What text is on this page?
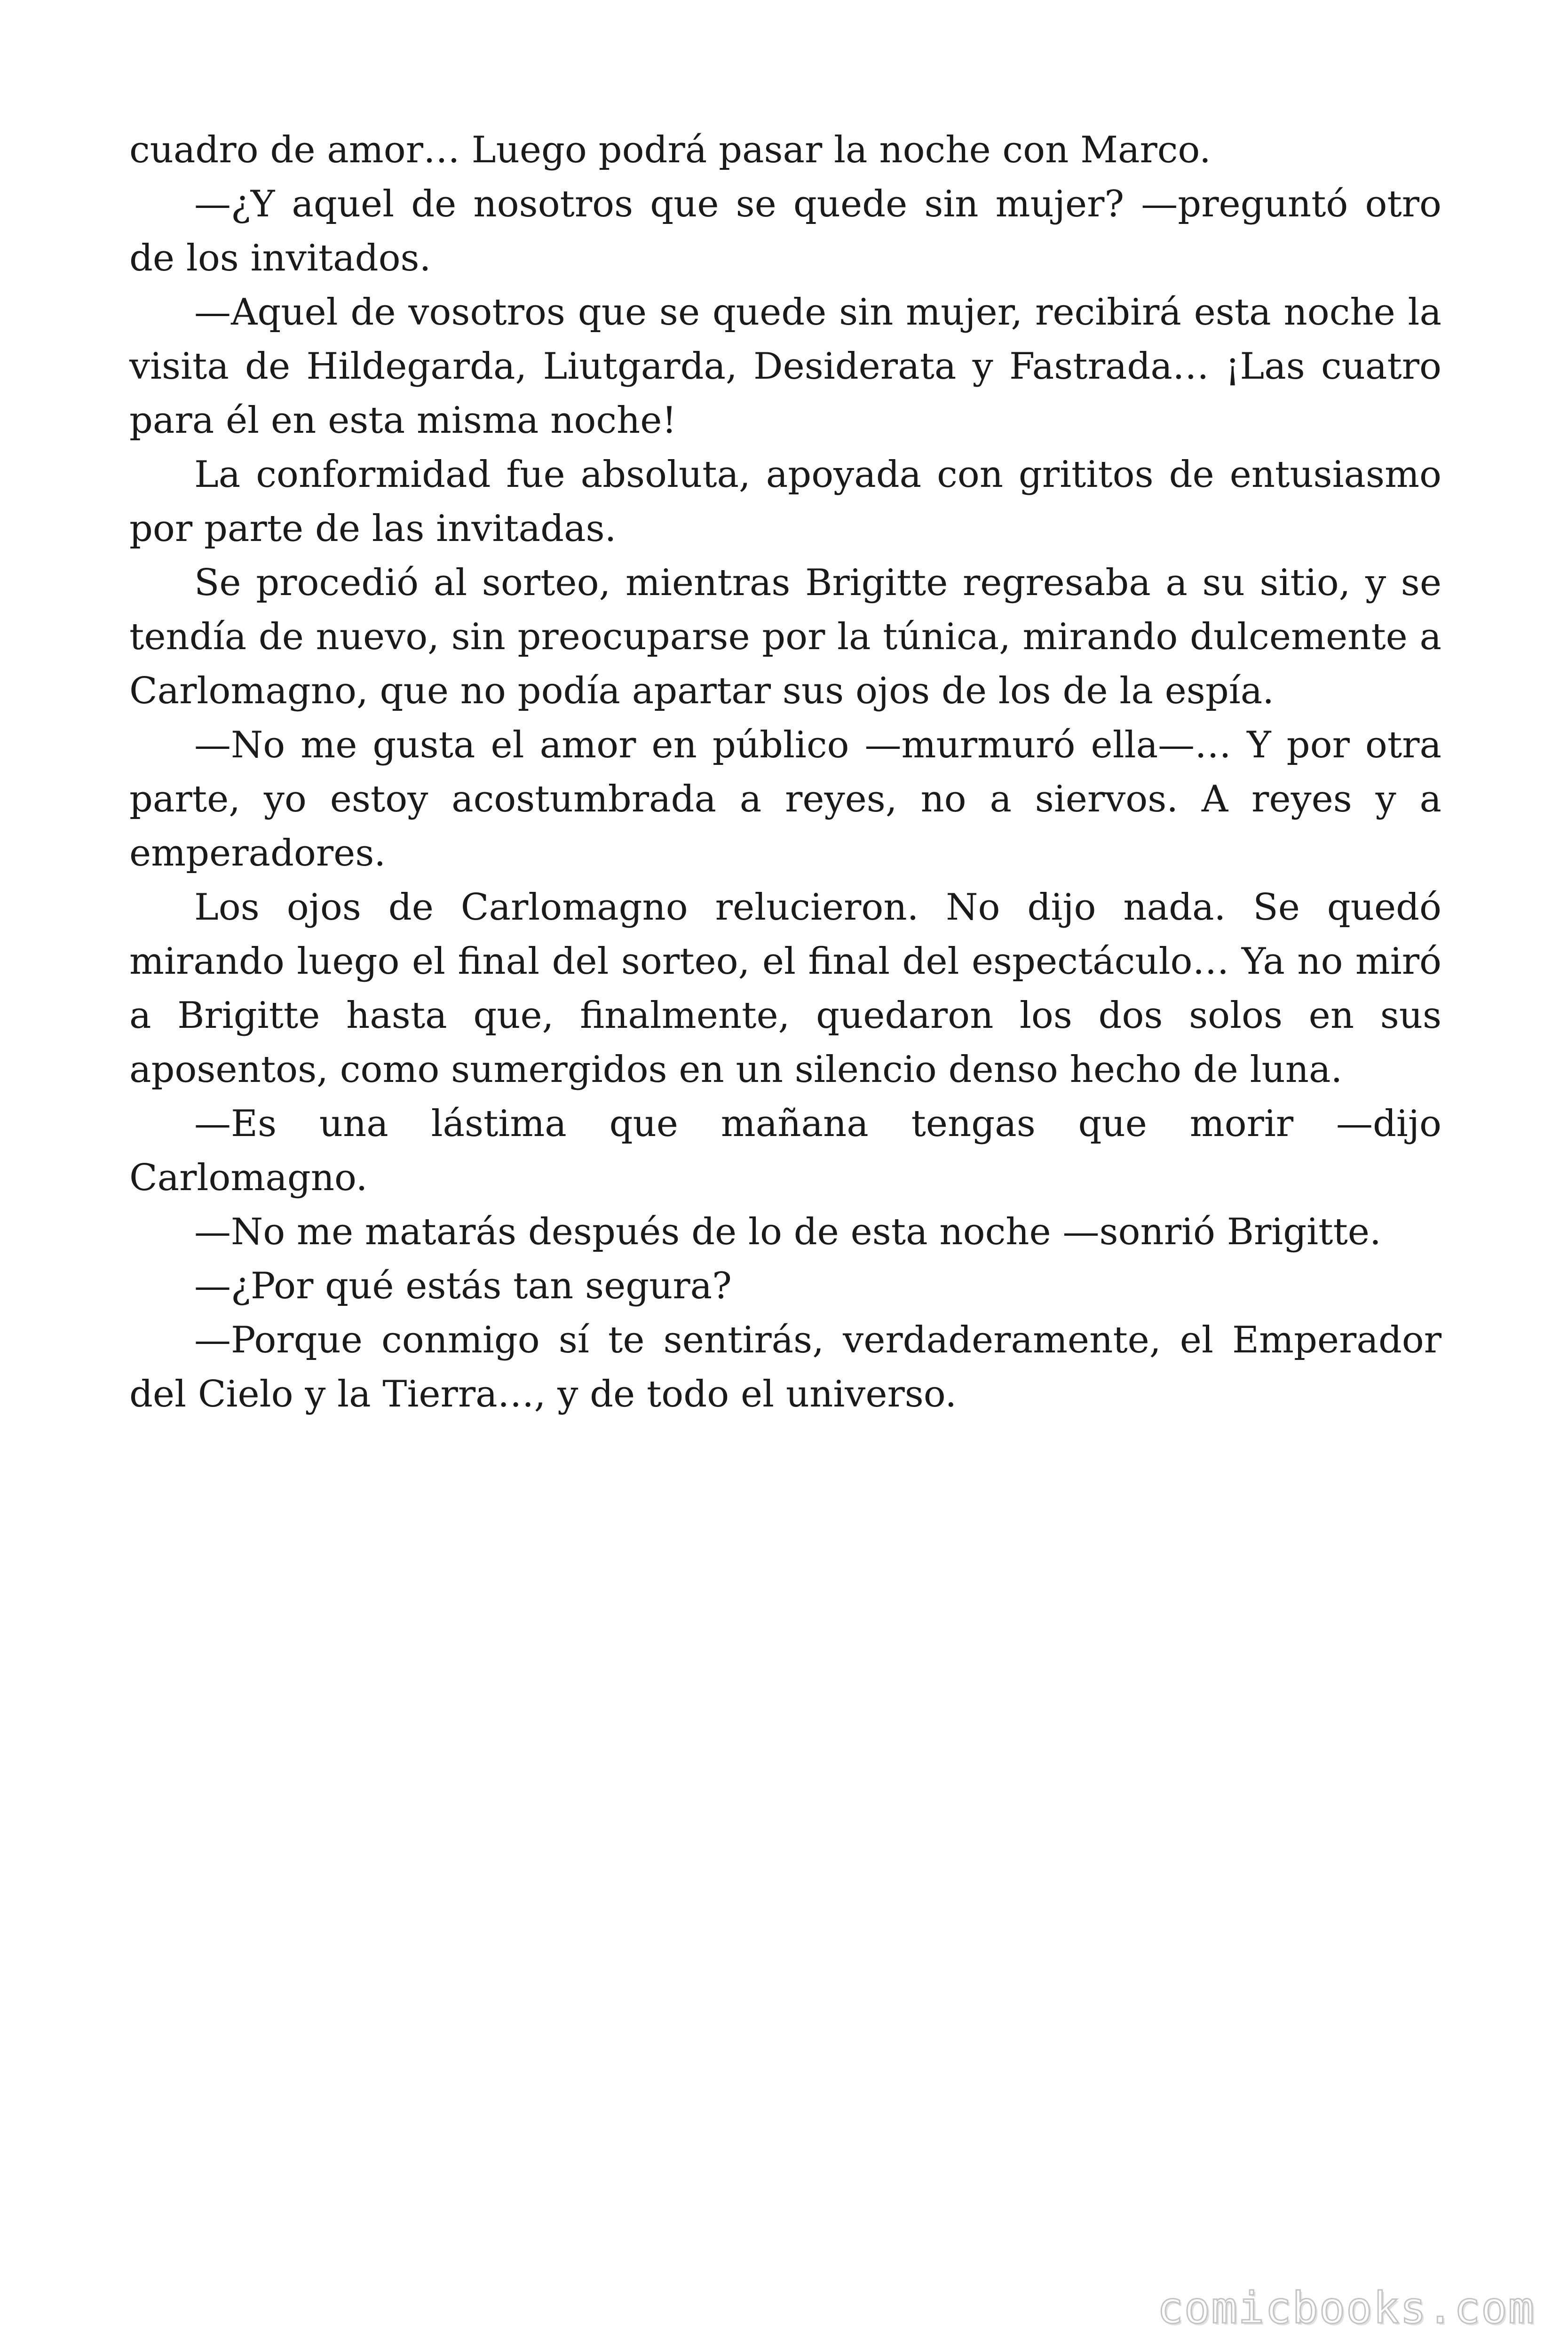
cuadro de amor… Luego podrá pasar la noche con Marco.

—¿Y aquel de nosotros que se quede sin mujer? —preguntó otro de los invitados.

—Aquel de vosotros que se quede sin mujer, recibirá esta noche la visita de Hildegarda, Liutgarda, Desiderata y Fastrada… ¡Las cuatro para él en esta misma noche!

La conformidad fue absoluta, apoyada con grititos de entusiasmo por parte de las invitadas.

Se procedió al sorteo, mientras Brigitte regresaba a su sitio, y se tendía de nuevo, sin preocuparse por la túnica, mirando dulcemente a Carlomagno, que no podía apartar sus ojos de los de la espía.

—No me gusta el amor en público —murmuró ella—… Y por otra parte, yo estoy acostumbrada a reyes, no a siervos. A reyes y a emperadores.

Los ojos de Carlomagno relucieron. No dijo nada. Se quedó mirando luego el final del sorteo, el final del espectáculo… Ya no miró a Brigitte hasta que, finalmente, quedaron los dos solos en sus aposentos, como sumergidos en un silencio denso hecho de luna.

—Es una lástima que mañana tengas que morir —dijo Carlomagno.

—No me matarás después de lo de esta noche —sonrió Brigitte.

—¿Por qué estás tan segura?

—Porque conmigo sí te sentirás, verdaderamente, el Emperador del Cielo y la Tierra…, y de todo el universo.

comicbooks.com
